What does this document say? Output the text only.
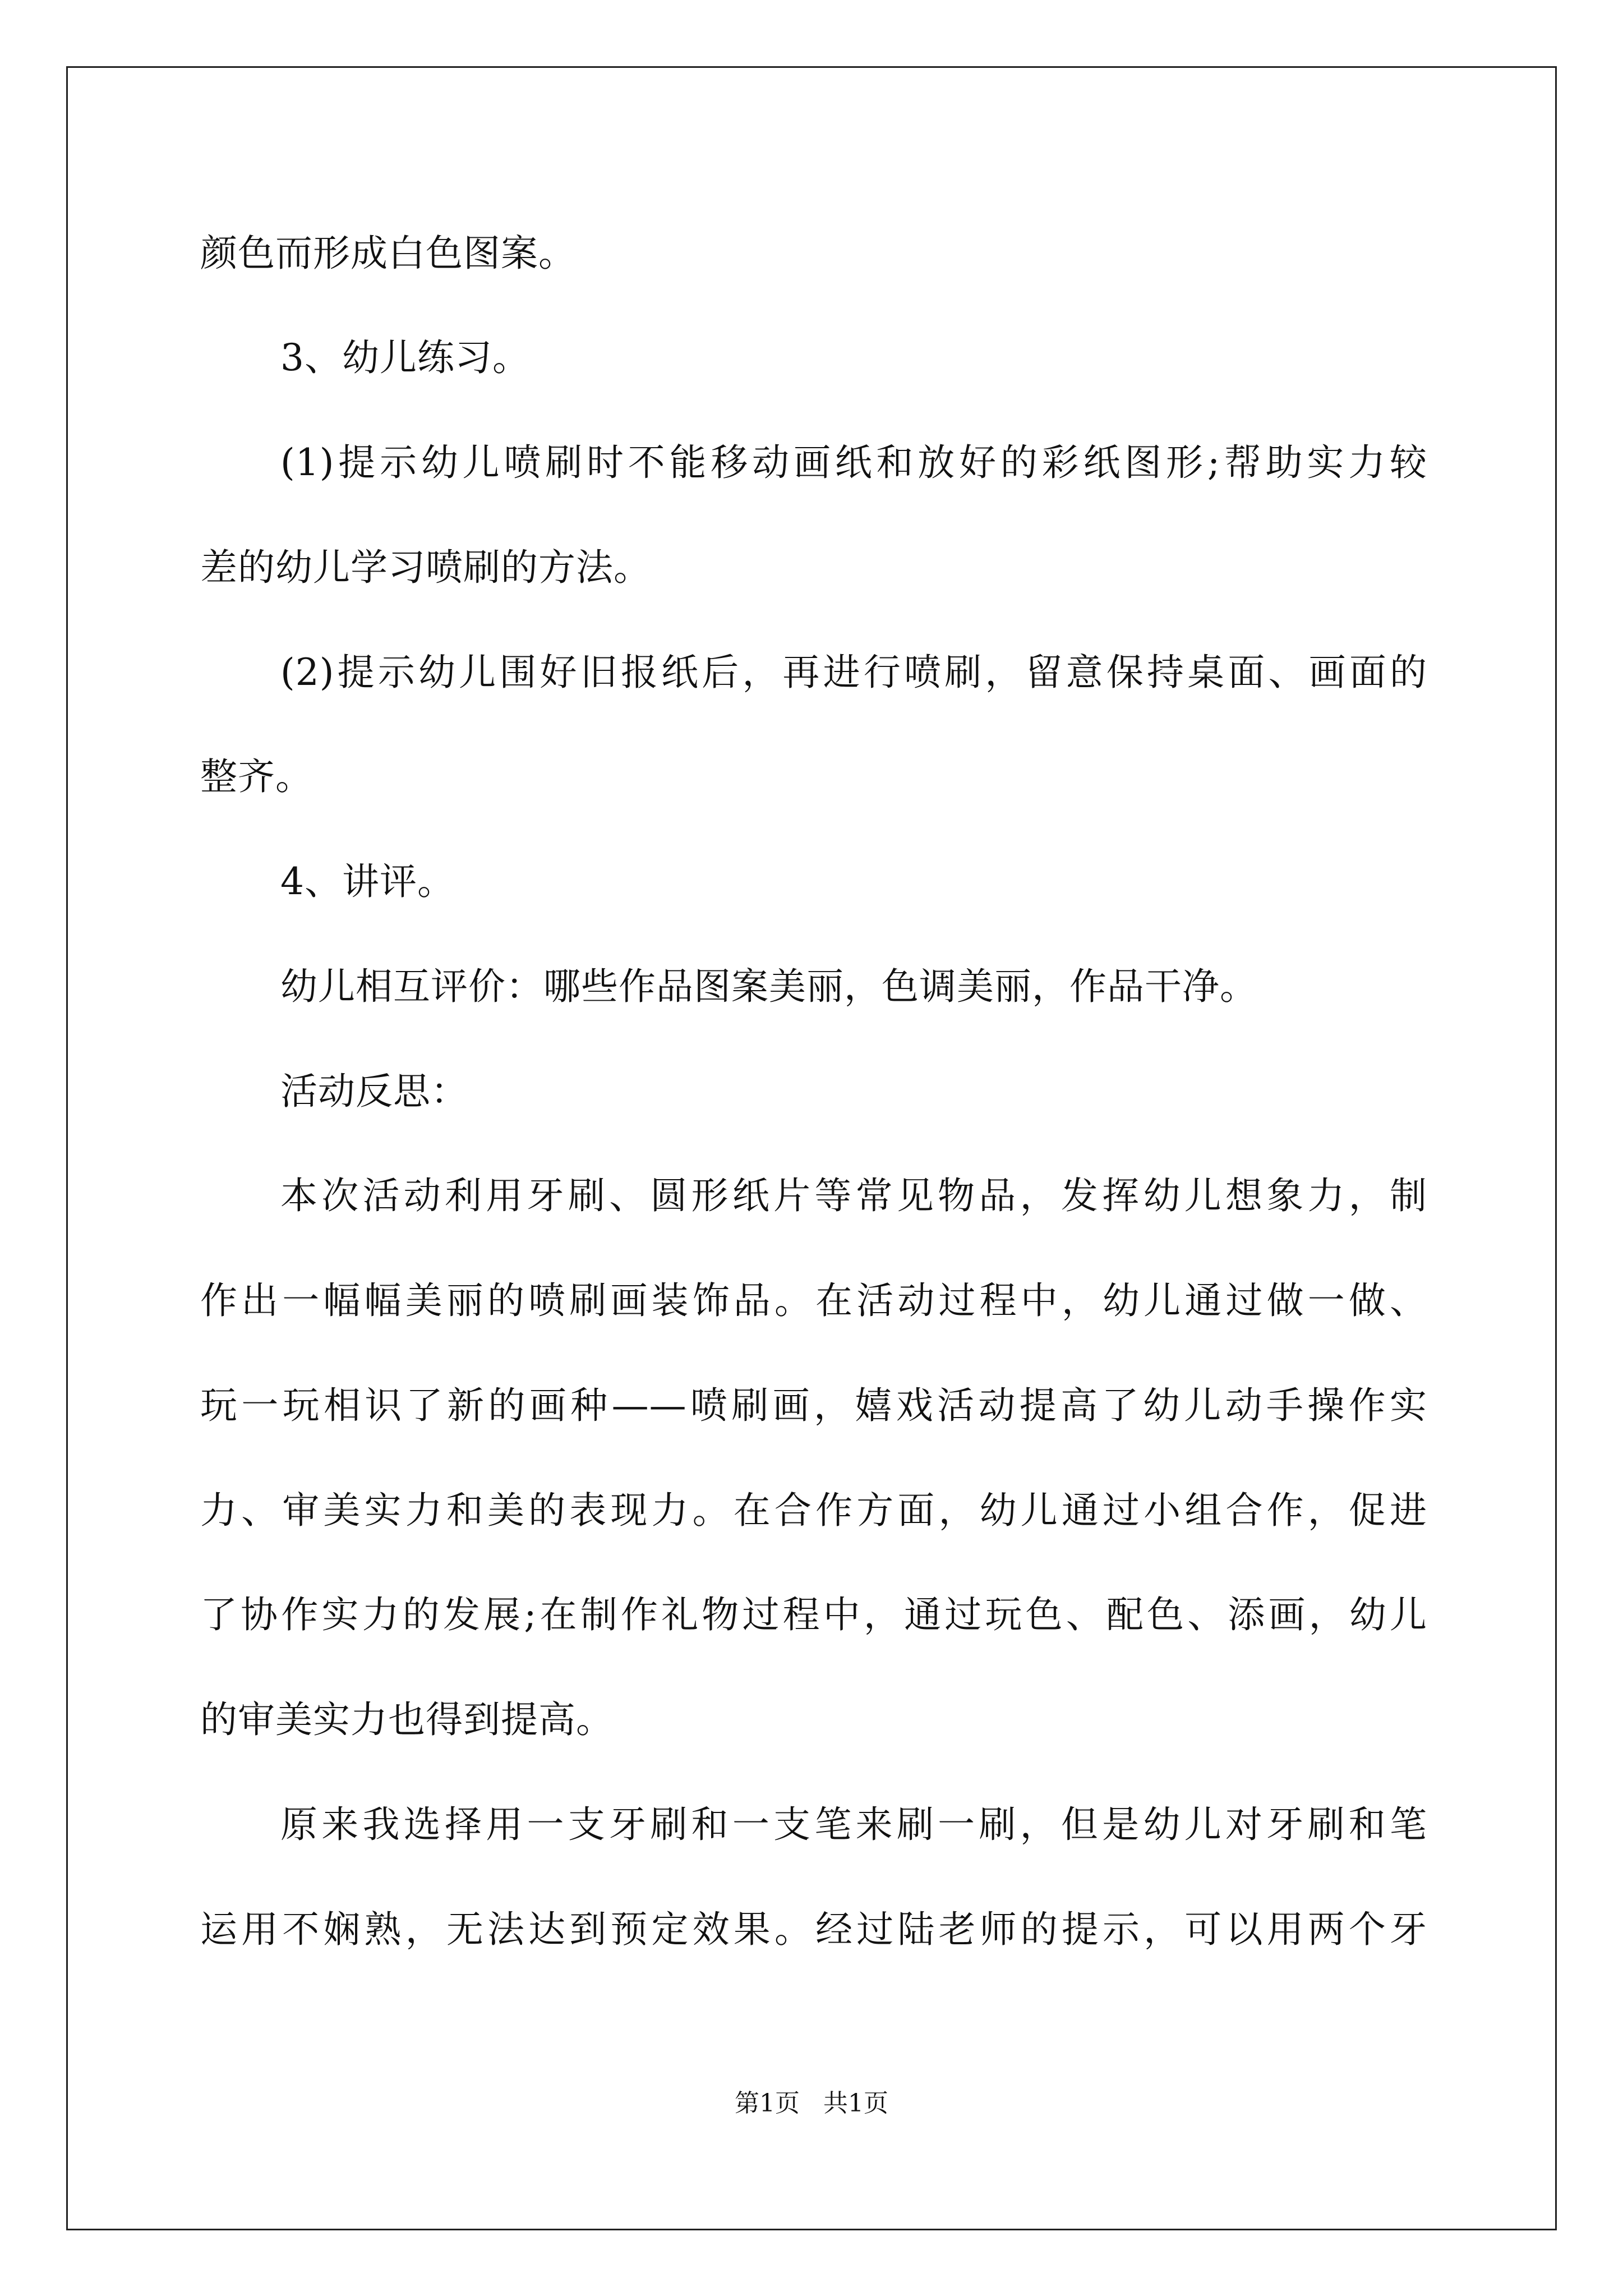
颜色而形成白色图案。
3、幼儿练习。
(1)提示幼儿喷刷时不能移动画纸和放好的彩纸图形;帮助实力较
差的幼儿学习喷刷的方法。
(2)提示幼儿围好旧报纸后，再进行喷刷，留意保持桌面、画面的
整齐。
4、讲评。
幼儿相互评价：哪些作品图案美丽，色调美丽，作品干净。
活动反思：
本次活动利用牙刷、圆形纸片等常见物品，发挥幼儿想象力，制
作出一幅幅美丽的喷刷画装饰品。在活动过程中，幼儿通过做一做、
玩一玩相识了新的画种——喷刷画，嬉戏活动提高了幼儿动手操作实
力、审美实力和美的表现力。在合作方面，幼儿通过小组合作，促进
了协作实力的发展;在制作礼物过程中，通过玩色、配色、添画，幼儿
的审美实力也得到提高。
原来我选择用一支牙刷和一支笔来刷一刷，但是幼儿对牙刷和笔
运用不娴熟，无法达到预定效果。经过陆老师的提示，可以用两个牙
第1页   共1页
